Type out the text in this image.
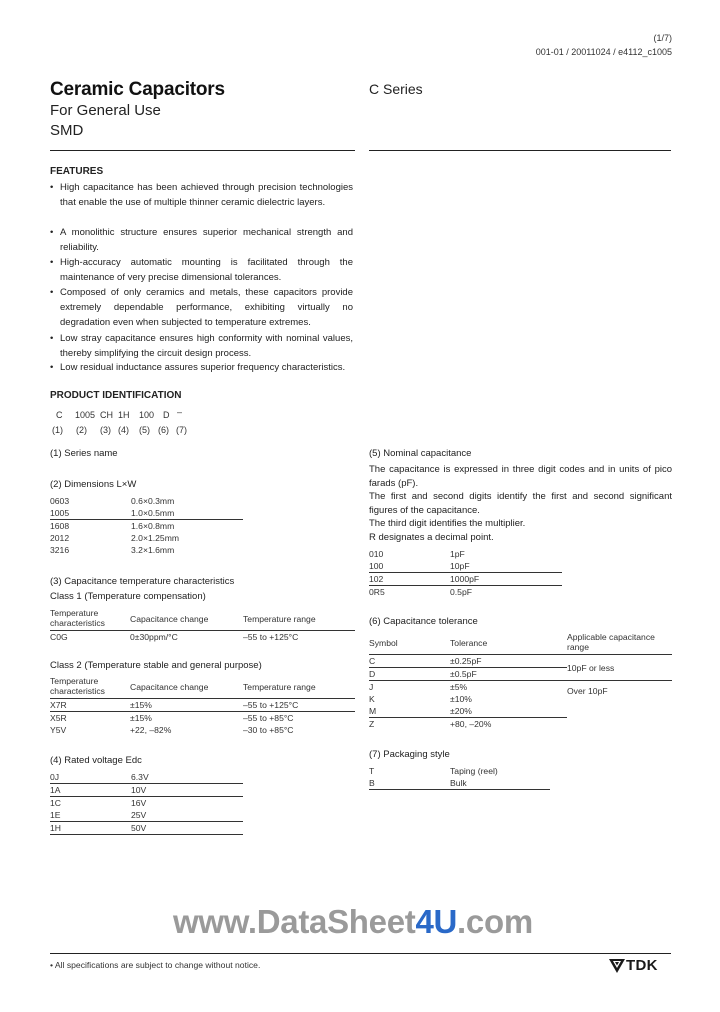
(1/7)
001-01 / 20011024 / e4112_c1005
Ceramic Capacitors
For General Use
SMD
C Series
FEATURES
• High capacitance has been achieved through precision technologies that enable the use of multiple thinner ceramic dielectric layers.
• A monolithic structure ensures superior mechanical strength and reliability.
• High-accuracy automatic mounting is facilitated through the maintenance of very precise dimensional tolerances.
• Composed of only ceramics and metals, these capacitors provide extremely dependable performance, exhibiting virtually no degradation even when subjected to temperature extremes.
• Low stray capacitance ensures high conformity with nominal values, thereby simplifying the circuit design process.
• Low residual inductance assures superior frequency characteristics.
PRODUCT IDENTIFICATION
C 1005 CH 1H 100 D –
(1) (2) (3) (4) (5) (6) (7)
(1) Series name
(2) Dimensions L×W
0603	0.6×0.3mm
1005	1.0×0.5mm
1608	1.6×0.8mm
2012	2.0×1.25mm
3216	3.2×1.6mm
(3) Capacitance temperature characteristics
Class 1 (Temperature compensation)
Temperature characteristics	Capacitance change	Temperature range
C0G	0±30ppm/°C	–55 to +125°C
Class 2 (Temperature stable and general purpose)
Temperature characteristics	Capacitance change	Temperature range
X7R	±15%	–55 to +125°C
X5R	±15%	–55 to +85°C
Y5V	+22, –82%	–30 to +85°C
(4) Rated voltage Edc
0J	6.3V
1A	10V
1C	16V
1E	25V
1H	50V
(5) Nominal capacitance
The capacitance is expressed in three digit codes and in units of pico farads (pF).
The first and second digits identify the first and second significant figures of the capacitance.
The third digit identifies the multiplier.
R designates a decimal point.
010	1pF
100	10pF
102	1000pF
0R5	0.5pF
(6) Capacitance tolerance
Symbol	Tolerance	Applicable capacitance range
C	±0.25pF	10pF or less
D	±0.5pF	
J	±5%	Over 10pF
K	±10%	
M	±20%	
Z	+80, –20%	
(7) Packaging style
T	Taping (reel)
B	Bulk
www.DataSheet4U.com
• All specifications are subject to change without notice.	TDK
